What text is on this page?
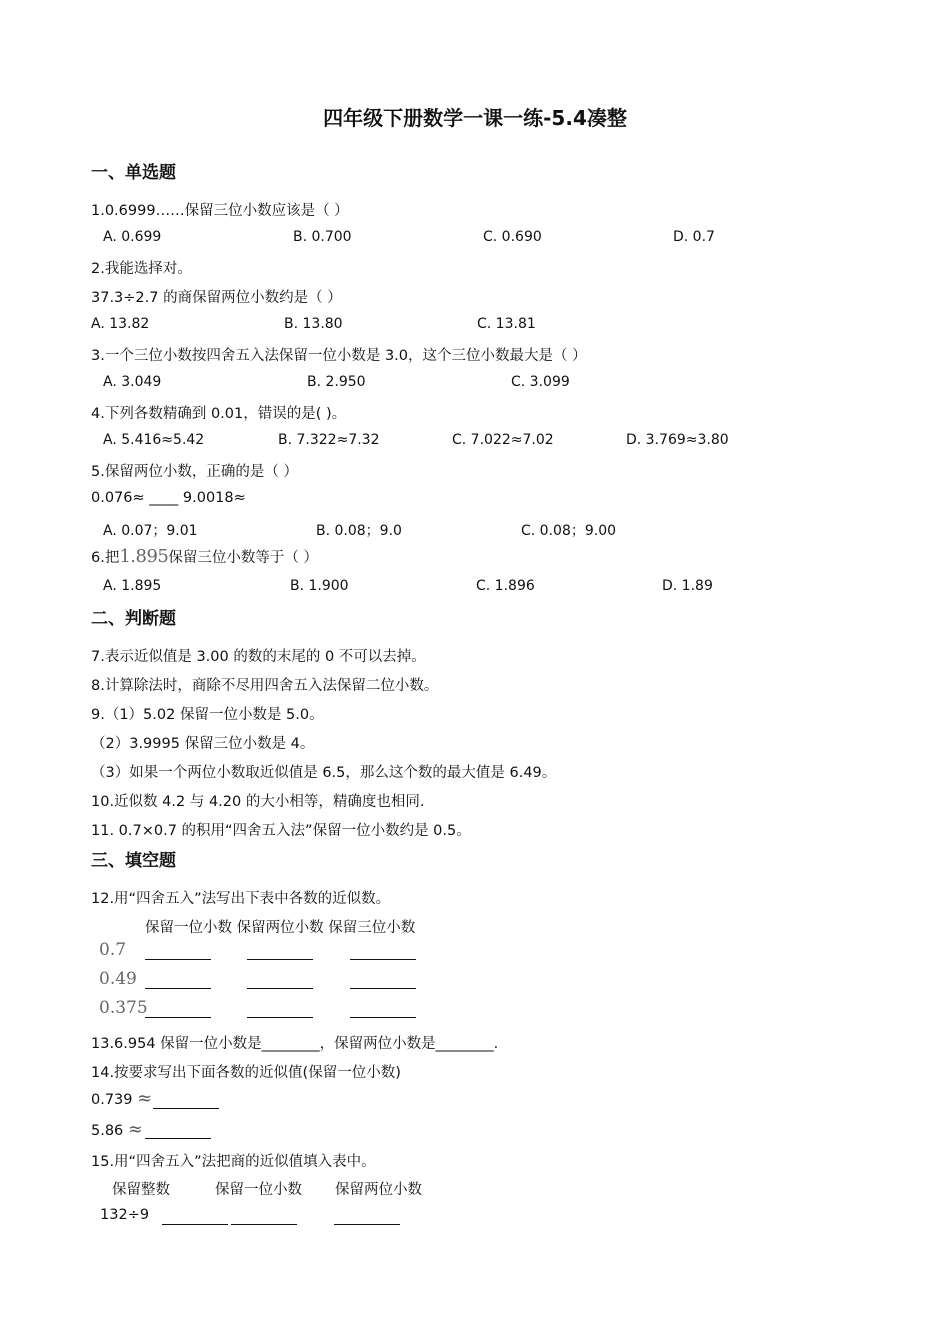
四年级下册数学一课一练-5.4凑整
一、单选题
1.0.6999……保留三位小数应该是（ ）
A. 0.699	B. 0.700	C. 0.690	D. 0.7
2.我能选择对。
37.3÷2.7 的商保留两位小数约是（ ）
A. 13.82	B. 13.80	C. 13.81
3.一个三位小数按四舍五入法保留一位小数是 3.0，这个三位小数最大是（ ）
A. 3.049	B. 2.950	C. 3.099
4.下列各数精确到 0.01，错误的是( )。
A. 5.416≈5.42	B. 7.322≈7.32	C. 7.022≈7.02	D. 3.769≈3.80
5.保留两位小数，正确的是（ ）
0.076≈ ____ 9.0018≈
A. 0.07；9.01	B. 0.08；9.0	C. 0.08；9.00
6.把1.895保留三位小数等于（ ）
A. 1.895	B. 1.900	C. 1.896	D. 1.89
二、判断题
7.表示近似值是 3.00 的数的末尾的 0 不可以去掉。
8.计算除法时，商除不尽用四舍五入法保留二位小数。
9.（1）5.02 保留一位小数是 5.0。
（2）3.9995 保留三位小数是 4。
（3）如果一个两位小数取近似值是 6.5，那么这个数的最大值是 6.49。
10.近似数 4.2 与 4.20 的大小相等，精确度也相同.
11. 0.7×0.7 的积用“四舍五入法”保留一位小数约是 0.5。
三、填空题
12.用“四舍五入”法写出下表中各数的近似数。
保留一位小数 保留两位小数 保留三位小数
0.7
0.49
0.375
13.6.954 保留一位小数是________，保留两位小数是________.
14.按要求写出下面各数的近似值(保留一位小数)
0.739 ≈
5.86 ≈
15.用“四舍五入”法把商的近似值填入表中。
保留整数	保留一位小数 保留两位小数
132÷9
